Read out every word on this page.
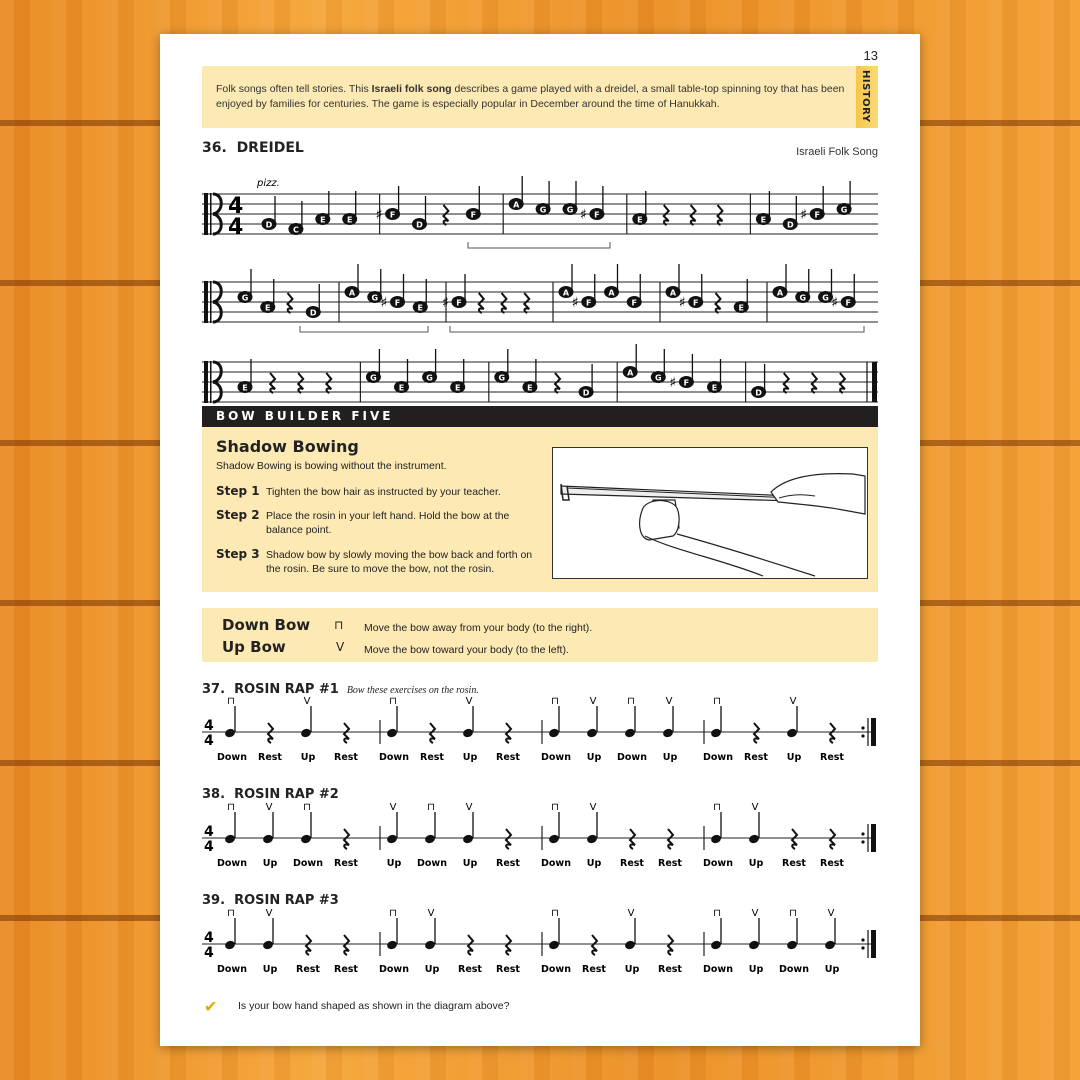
13
Folk songs often tell stories. This Israeli folk song describes a game played with a dreidel, a small table-top spinning toy that has been enjoyed by families for centuries. The game is especially popular in December around the time of Hanukkah.	HISTORY
36. DREIDEL	Israeli Folk Song
pizz.
4
4	D
C
E	E ♯ F
D
F
A
G	G ♯ F
E	E
D
♯ F
G
G
E
D
A
G ♯ F
E ♯ F
A
♯ F
A
F
A
♯ F
E
A
G G ♯ F
E
G
E
G
E
G
E
D
A
G ♯ F
E
D
BOW BUILDER FIVE
Shadow Bowing
Shadow Bowing is bowing without the instrument.
Step 1 Tighten the bow hair as instructed by your teacher.
Step 2 Place the rosin in your left hand. Hold the bow at the balance point.
Step 3 Shadow bow by slowly moving the bow back and forth on the rosin. Be sure to move the bow, not the rosin.
Down Bow ⊓ Move the bow away from your body (to the right).
Up Bow	V Move the bow toward your body (to the left).
37. ROSIN RAP #1 Bow these exercises on the rosin.
4
4
⊓
Down Rest
V
Up Rest
⊓
Down Rest
V
Up Rest
⊓
Down
V
Up
⊓
Down
V
Up
⊓
Down Rest
V
Up Rest
38. ROSIN RAP #2
4
4
⊓
Down
V
Up
⊓
Down Rest
V
Up
⊓
Down
V
Up Rest
⊓
Down
V
Up Rest Rest
⊓
Down
V
Up Rest Rest
39. ROSIN RAP #3
4
4
⊓
Down
V
Up Rest Rest
⊓
Down
V
Up Rest Rest
⊓
Down Rest
V
Up Rest
⊓
Down
V
Up
⊓
Down
V
Up
✔ Is your bow hand shaped as shown in the diagram above?
